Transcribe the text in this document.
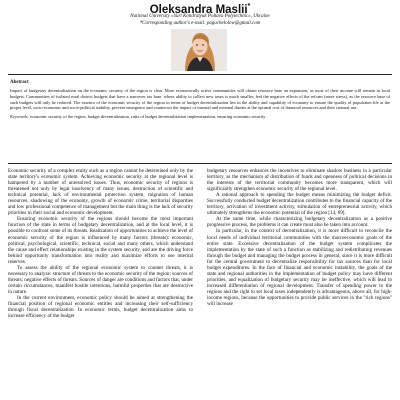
Oleksandra Masliі*
National University «Yuri Kondratyuk Poltava Polytechnic», Ukraine
*Corresponding author's e-mail: pagachelolow@gmail.com
Abstract

Impact of budgetary decentralization on the economic security of the region is clear. More economically active communities will obtain resource base an expansion, as most of their income will remain in local budgets. Communities of isolated rural district budgets that have a narrower tax base, where ability to collect new taxes is much smaller, feel the negative effects of the reform (more stress), as the resource base of such budgets will only be reduced. The essence of the economic security of the region in terms of budget decentralization lies in the ability and capability of economy to ensure the quality of population life at the proper level, socio-economic and socio-political stability, prevent emergence and counteract the impact of internal and external threats at the optimal cost of financial resources and their rational use.

Keywords: economic security of the region, budget decentralization, risks of budget decentralization implementation, ensuring economic security

Economic security of a complex entity such as a region cannot be determined only by the state territory's economic system. Achieving economic security at the regional level is hampered by a number of unresolved issues. Thus, economic security of regions is threatened not only by legal insolvency of many issues, destruction of scientific and technical potential, lack of environmental protection system, migration of human resources, shadowing of the economy, growth of economic crime, territorial disparities and low professional competence of management but the main thing is the lack of security priorities in their social and economic development.

Ensuring economic security of the regions should become the most important function of the state in terms of budgetary decentralization, and at the local level, it is possible to confront some of its threats. Realization of opportunities to achieve the level of economic security of the region is influenced by many factors (threats): economic, political, psychological, scientific, technical, social and many others, which understand the cause and effect relationships existing in the system security, and are the driving force behind opportunity transformation into reality and maximize efforts to use internal reserves.

To assess the ability of the regional economic system to counter threats, it is necessary to analyze: structure of threats to the economic security of the region; sources of threats; negative effects of threats. Sources of danger are conditions and factors that, under certain circumstances, manifest hostile intentions, harmful properties that are destructive in nature.

In the current environment, economic policy should be aimed at strengthening the financial position of regional economic entities and increasing their self-sufficiency through fiscal decentralization. In economic terms, budget decentralization aims to increase efficiency of the budget

budgetary resources enhances the incentives to eliminate shadow business in a particular territory, as the mechanism of distribution of funds and openness of political decisions in the interests of the territorial community becomes more transparent, which will significantly strengthen economic security of the regional level.

A rational approach to spending the budget means minimizing the budget deficit. Successfully conducted budget decentralization contributes to the financial capacity of the territory, activation of investment activity, stimulation of entrepreneurial activity, which ultimately strengthens the economic potential of the region [14, 69].

At the same time, while characterizing budgetary decentralization as a positive progressive process, the problems it can create must also be taken into account.

In particular, in the context of decentralization, it is more difficult to reconcile the local needs of individual territorial communities with the macroeconomic goals of the entire state. Excessive decentralization of the budget system complicates the implementation by the state of such a function as stabilizing and redistributing revenues through the budget and managing the budget process in general, since it is more difficult for the central government to decentralize responsibility for tax sources than for local budget expenditures. In the face of financial and economic instability, the goals of the state and regional authorities in the implementation of budget policy may have different priorities, and equalization of budgetary security may be ineffective, which will lead to increased differentiation of regional development. Transfer of spending power to the regions and the right to set local taxes independently is advantageous, above all, for high-income regions, because the opportunities to provide public services in the "rich regions" will increase
